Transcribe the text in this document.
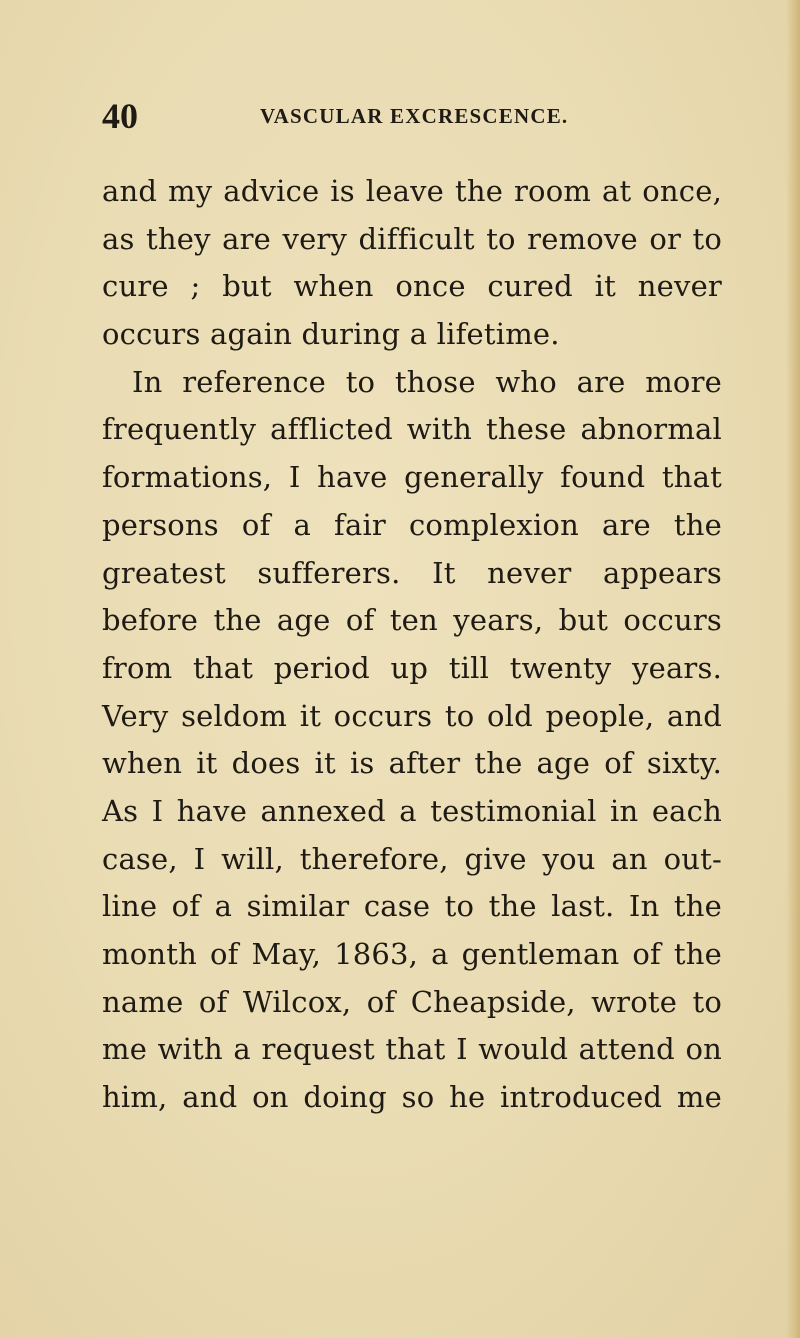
40	VASCULAR EXCRESCENCE.
and my advice is leave the room at once,
as they are very difficult to remove or to
cure ; but when once cured it never
occurs again during a lifetime.
In reference to those who are more
frequently afflicted with these abnormal
formations, I have generally found that
persons of a fair complexion are the
greatest sufferers. It never appears
before the age of ten years, but occurs
from that period up till twenty years.
Very seldom it occurs to old people, and
when it does it is after the age of sixty.
As I have annexed a testimonial in each
case, I will, therefore, give you an out-
line of a similar case to the last. In the
month of May, 1863, a gentleman of the
name of Wilcox, of Cheapside, wrote to
me with a request that I would attend on
him, and on doing so he introduced me
